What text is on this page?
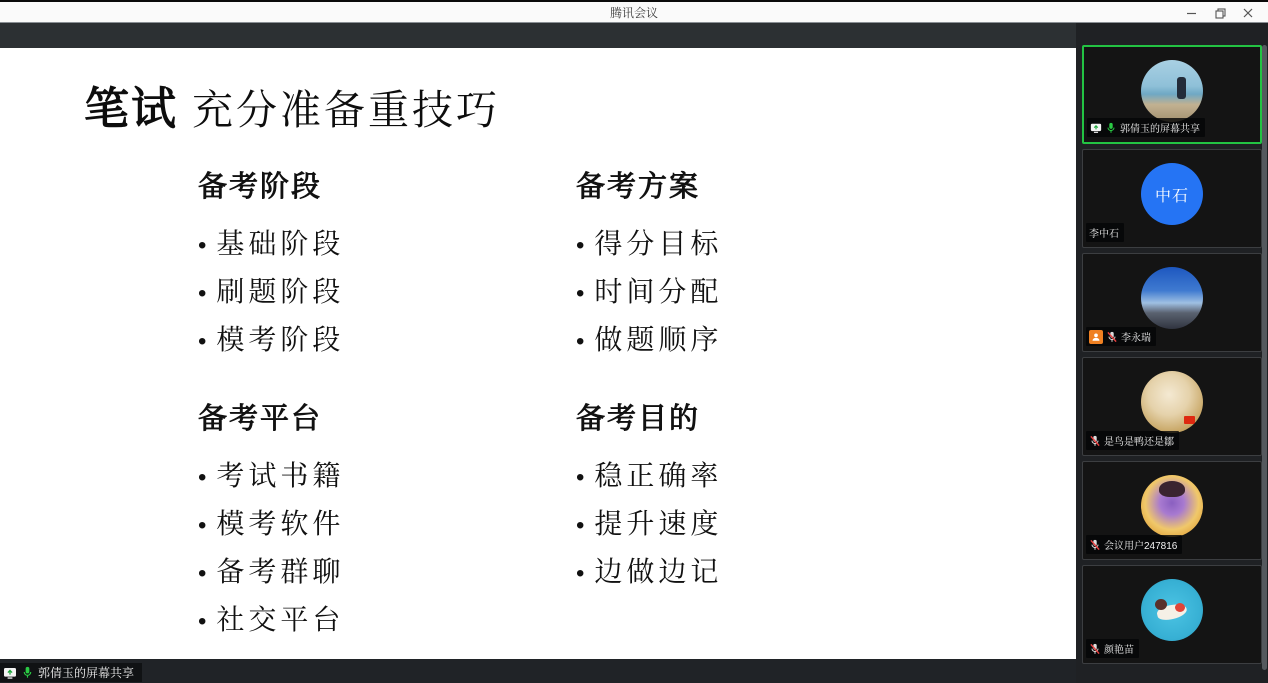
腾讯会议
笔试 充分准备重技巧
备考阶段
• 基础阶段
• 刷题阶段
• 模考阶段
备考方案
• 得分目标
• 时间分配
• 做题顺序
备考平台
• 考试书籍
• 模考软件
• 备考群聊
• 社交平台
备考目的
• 稳正确率
• 提升速度
• 边做边记
郭倩玉的屏幕共享
郭倩玉的屏幕共享
中石
李中石
李永瑞
是鸟是鸭还是鄒
会议用户247816
颜艳苗
